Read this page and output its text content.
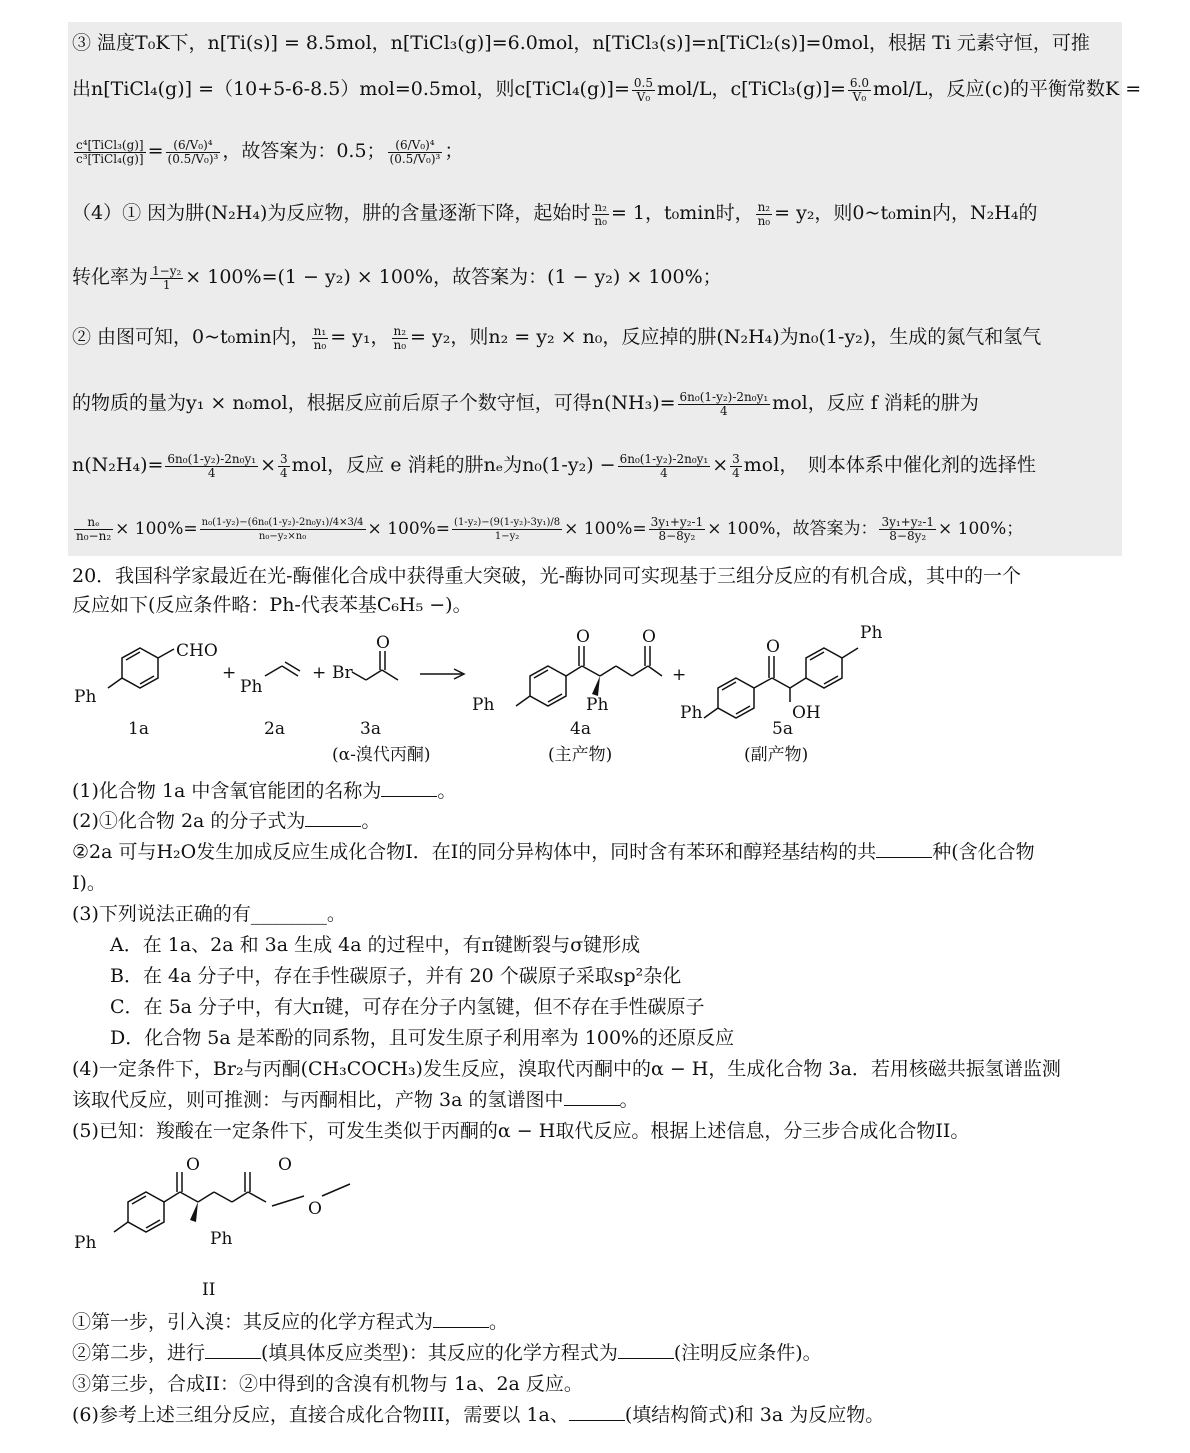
③ 温度T₀K下，n[Ti(s)] = 8.5mol，n[TiCl₃(g)]=6.0mol，n[TiCl₃(s)]=n[TiCl₂(s)]=0mol，根据 Ti 元素守恒，可推
出n[TiCl₄(g)] =（10+5-6-8.5）mol=0.5mol，则c[TiCl₄(g)]= $\frac{0.5}{\text{V₀}} mol/L$，c[TiCl₃(g)]= $\frac{6.0}{\text{V₀}} mol/L$，反应(c)的平衡常数K =
$\frac{\text{c⁴[TiCl₃(g)]}}{\text{c³[TiCl₄(g)]}} = \frac{\text{(6/V₀)⁴}}{\text{(0.5/V₀)³}}$ ，故答案为：0.5； $\frac{\text{(6/V₀)⁴}}{\text{(0.5/V₀)³}}$ ；
（4）① 因为肼(N₂H₄)为反应物，肼的含量逐渐下降，起始时 $\frac{\text{n₂}}{\text{n₀}} = 1$，t₀min时， $\frac{\text{n₂}}{\text{n₀}} = y_2$，则0~t₀min内，N₂H₄的
转化率为 $\frac{\text{1−y₂}}{1} \times 100\%=(1 - y_2) \times 100\%$，故答案为：(1 − y₂) × 100%；
② 由图可知，0~t₀min内， $\frac{\text{n₁}}{\text{n₀}} = y_1$， $\frac{\text{n₂}}{\text{n₀}} = y_2$，则n₂ = y₂ × n₀，反应掉的肼(N₂H₄)为n₀(1-y₂)，生成的氮气和氢气
的物质的量为y₁ × n₀mol，根据反应前后原子个数守恒，可得$n(NH_3)= \frac{\text{6n₀(1-y₂)-2n₀y₁}}{4}$ mol，反应 f 消耗的肼为
$n(N_2H_4)= \frac{\text{6n₀(1-y₂)-2n₀y₁}}{4} \times \frac{3}{4}$ mol，反应 e 消耗的肼nₑ为$n_0(1-y_2) - \frac{\text{6n₀(1-y₂)-2n₀y₁}}{4} \times \frac{3}{4}$ mol，　则本体系中催化剂的选择性
$\frac{\text{nₑ}}{\text{n₀−n₂}} \times 100\%= \frac{\text{n₀(1-y₂)−(6n₀(1-y₂)-2n₀y₁)/4×3/4}}{\text{n₀−y₂×n₀}} \times 100\%= \frac{\text{(1-y₂)−(9(1-y₂)-3y₁)/8}}{\text{1−y₂}} \times 100\%= \frac{\text{3y₁+y₂-1}}{\text{8−8y₂}} \times 100\%$，故答案为： $\frac{\text{3y₁+y₂-1}}{\text{8−8y₂}} \times 100\%$；
20．我国科学家最近在光-酶催化合成中获得重大突破，光-酶协同可实现基于三组分反应的有机合成，其中的一个
反应如下(反应条件略：Ph-代表苯基C₆H₅ −)。
CHO
Ph
+
Ph
+ Br
O
Ph
O	O
Ph
+
Ph
O
OH
Ph
1a	2a	3a	4a	5a
(α-溴代丙酮)	(主产物)	(副产物)
(1)化合物 1a 中含氧官能团的名称为	。
(2)①化合物 2a 的分子式为	。
②2a 可与H₂O发生加成反应生成化合物I．在I的同分异构体中，同时含有苯环和醇羟基结构的共	种(含化合物
I)。
(3)下列说法正确的有________。
A．在 1a、2a 和 3a 生成 4a 的过程中，有π键断裂与σ键形成
B．在 4a 分子中，存在手性碳原子，并有 20 个碳原子采取sp²杂化
C．在 5a 分子中，有大π键，可存在分子内氢键，但不存在手性碳原子
D．化合物 5a 是苯酚的同系物，且可发生原子利用率为 100%的还原反应
(4)一定条件下，Br₂与丙酮(CH₃COCH₃)发生反应，溴取代丙酮中的α − H，生成化合物 3a．若用核磁共振氢谱监测
该取代反应，则可推测：与丙酮相比，产物 3a 的氢谱图中	。
(5)已知：羧酸在一定条件下，可发生类似于丙酮的α − H取代反应。根据上述信息，分三步合成化合物II。
O	O
O
Ph	Ph
II
①第一步，引入溴：其反应的化学方程式为	。
②第二步，进行	(填具体反应类型)：其反应的化学方程式为	(注明反应条件)。
③第三步，合成II：②中得到的含溴有机物与 1a、2a 反应。
(6)参考上述三组分反应，直接合成化合物III，需要以 1a、	(填结构简式)和 3a 为反应物。
